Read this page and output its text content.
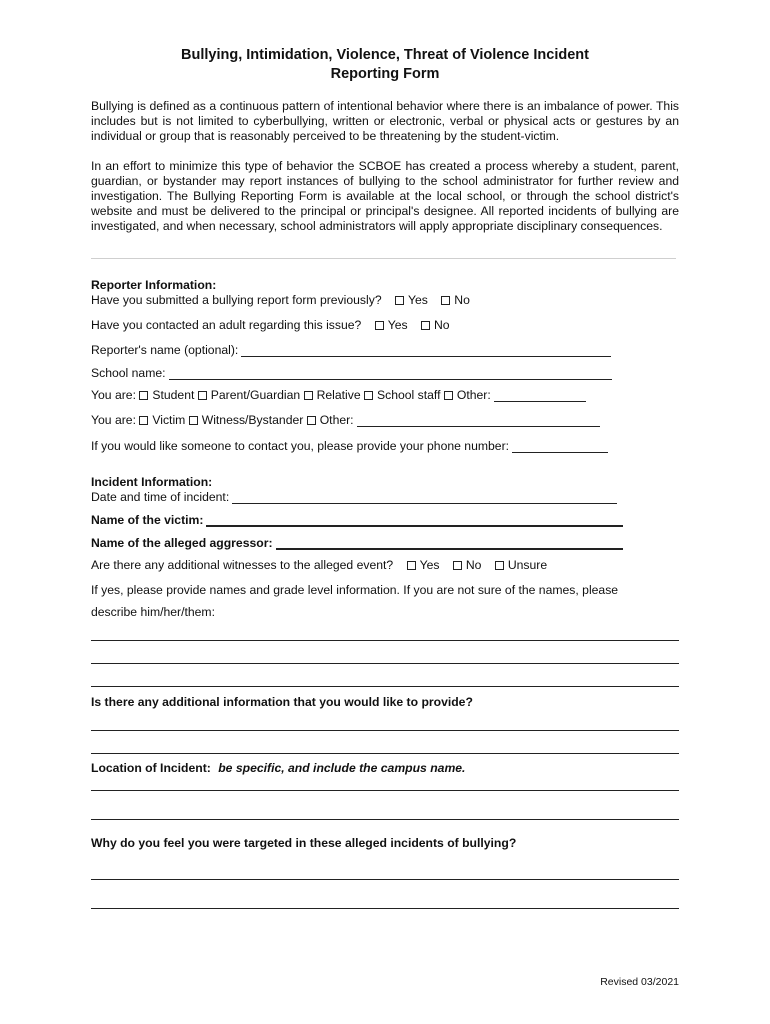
Bullying, Intimidation, Violence, Threat of Violence Incident
Reporting Form
Bullying is defined as a continuous pattern of intentional behavior where there is an imbalance of power. This includes but is not limited to cyberbullying, written or electronic, verbal or physical acts or gestures by an individual or group that is reasonably perceived to be threatening by the student-victim.
In an effort to minimize this type of behavior the SCBOE has created a process whereby a student, parent, guardian, or bystander may report instances of bullying to the school administrator for further review and investigation. The Bullying Reporting Form is available at the local school, or through the school district's website and must be delivered to the principal or principal's designee. All reported incidents of bullying are investigated, and when necessary, school administrators will apply appropriate disciplinary consequences.
Reporter Information:
Have you submitted a bullying report form previously? Yes No
Have you contacted an adult regarding this issue? Yes No
Reporter's name (optional):
School name:
You are: Student Parent/Guardian Relative School staff Other:
You are: Victim Witness/Bystander Other:
If you would like someone to contact you, please provide your phone number:
Incident Information:
Date and time of incident:
Name of the victim:
Name of the alleged aggressor:
Are there any additional witnesses to the alleged event? Yes No Unsure
If yes, please provide names and grade level information. If you are not sure of the names, please
describe him/her/them:
Is there any additional information that you would like to provide?
Location of Incident: be specific, and include the campus name.
Why do you feel you were targeted in these alleged incidents of bullying?
Revised 03/2021
